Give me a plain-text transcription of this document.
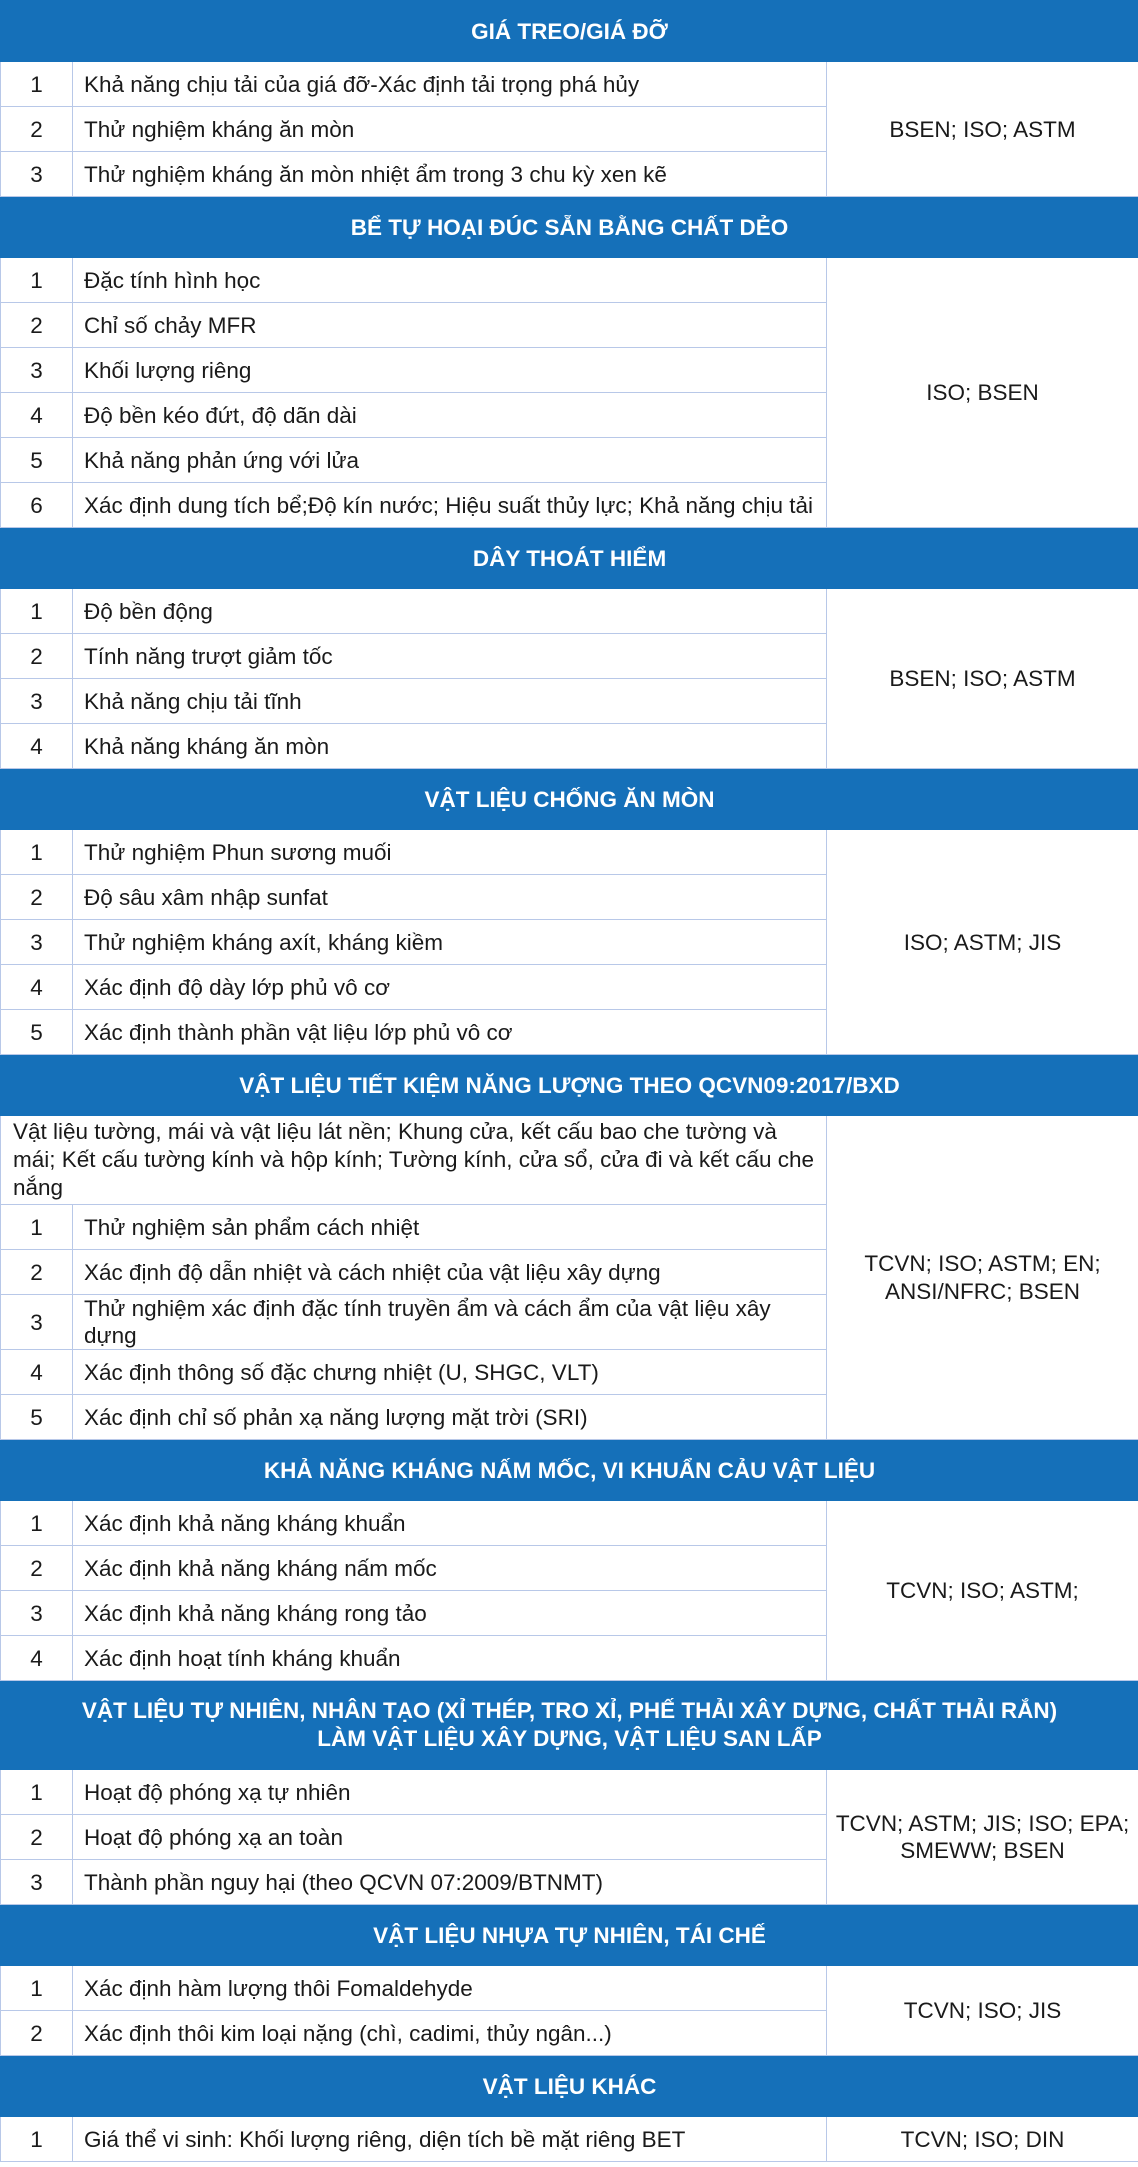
GIÁ TREO/GIÁ ĐỠ		
1	Khả năng chịu tải của giá đỡ-Xác định tải trọng phá hủy	BSEN; ISO; ASTM
2	Thử nghiệm kháng ăn mòn	
3	Thử nghiệm kháng ăn mòn nhiệt ẩm trong 3 chu kỳ xen kẽ	
BỂ TỰ HOẠI ĐÚC SẴN BẰNG CHẤT DẺO		
1	Đặc tính hình học	ISO; BSEN
2	Chỉ số chảy MFR	
3	Khối lượng riêng	
4	Độ bền kéo đứt, độ dãn dài	
5	Khả năng phản ứng với lửa	
6	Xác định dung tích bể;Độ kín nước; Hiệu suất thủy lực; Khả năng chịu tải	
DÂY THOÁT HIỂM		
1	Độ bền động	BSEN; ISO; ASTM
2	Tính năng trượt giảm tốc	
3	Khả năng chịu tải tĩnh	
4	Khả năng kháng ăn mòn	
VẬT LIỆU CHỐNG ĂN MÒN		
1	Thử nghiệm Phun sương muối	ISO; ASTM; JIS
2	Độ sâu xâm nhập sunfat	
3	Thử nghiệm kháng axít, kháng kiềm	
4	Xác định độ dày lớp phủ vô cơ	
5	Xác định thành phần vật liệu lớp phủ vô cơ	
VẬT LIỆU TIẾT KIỆM NĂNG LƯỢNG THEO QCVN09:2017/BXD		
Vật liệu tường, mái và vật liệu lát nền; Khung cửa, kết cấu bao che tường và mái; Kết cấu tường kính và hộp kính; Tường kính, cửa sổ, cửa đi và kết cấu che nắng		TCVN; ISO; ASTM; EN; ANSI/NFRC; BSEN
1	Thử nghiệm sản phẩm cách nhiệt	
2	Xác định độ dẫn nhiệt và cách nhiệt của vật liệu xây dựng	
3	Thử nghiệm xác định đặc tính truyền ẩm và cách ẩm của vật liệu xây dựng	
4	Xác định thông số đặc chưng nhiệt (U, SHGC, VLT)	
5	Xác định chỉ số phản xạ năng lượng mặt trời (SRI)	
KHẢ NĂNG KHÁNG NẤM MỐC, VI KHUẨN CẢU VẬT LIỆU		
1	Xác định khả năng kháng khuẩn	TCVN; ISO; ASTM;
2	Xác định khả năng kháng nấm mốc	
3	Xác định khả năng kháng rong tảo	
4	Xác định hoạt tính kháng khuẩn	

VẬT LIỆU TỰ NHIÊN, NHÂN TẠO (XỈ THÉP, TRO XỈ, PHẾ THẢI XÂY DỰNG, CHẤT THẢI RẮN)
LÀM VẬT LIỆU XÂY DỰNG, VẬT LIỆU SAN LẤP		

1	Hoạt độ phóng xạ tự nhiên	TCVN; ASTM; JIS; ISO; EPA; SMEWW; BSEN
2	Hoạt độ phóng xạ an toàn	
3	Thành phần nguy hại (theo QCVN 07:2009/BTNMT)	
VẬT LIỆU NHỰA TỰ NHIÊN, TÁI CHẾ		
1	Xác định hàm lượng thôi Fomaldehyde	TCVN; ISO; JIS
2	Xác định thôi kim loại nặng (chì, cadimi, thủy ngân...)	
VẬT LIỆU KHÁC		
1	Giá thể vi sinh: Khối lượng riêng, diện tích bề mặt riêng BET	TCVN; ISO; DIN
